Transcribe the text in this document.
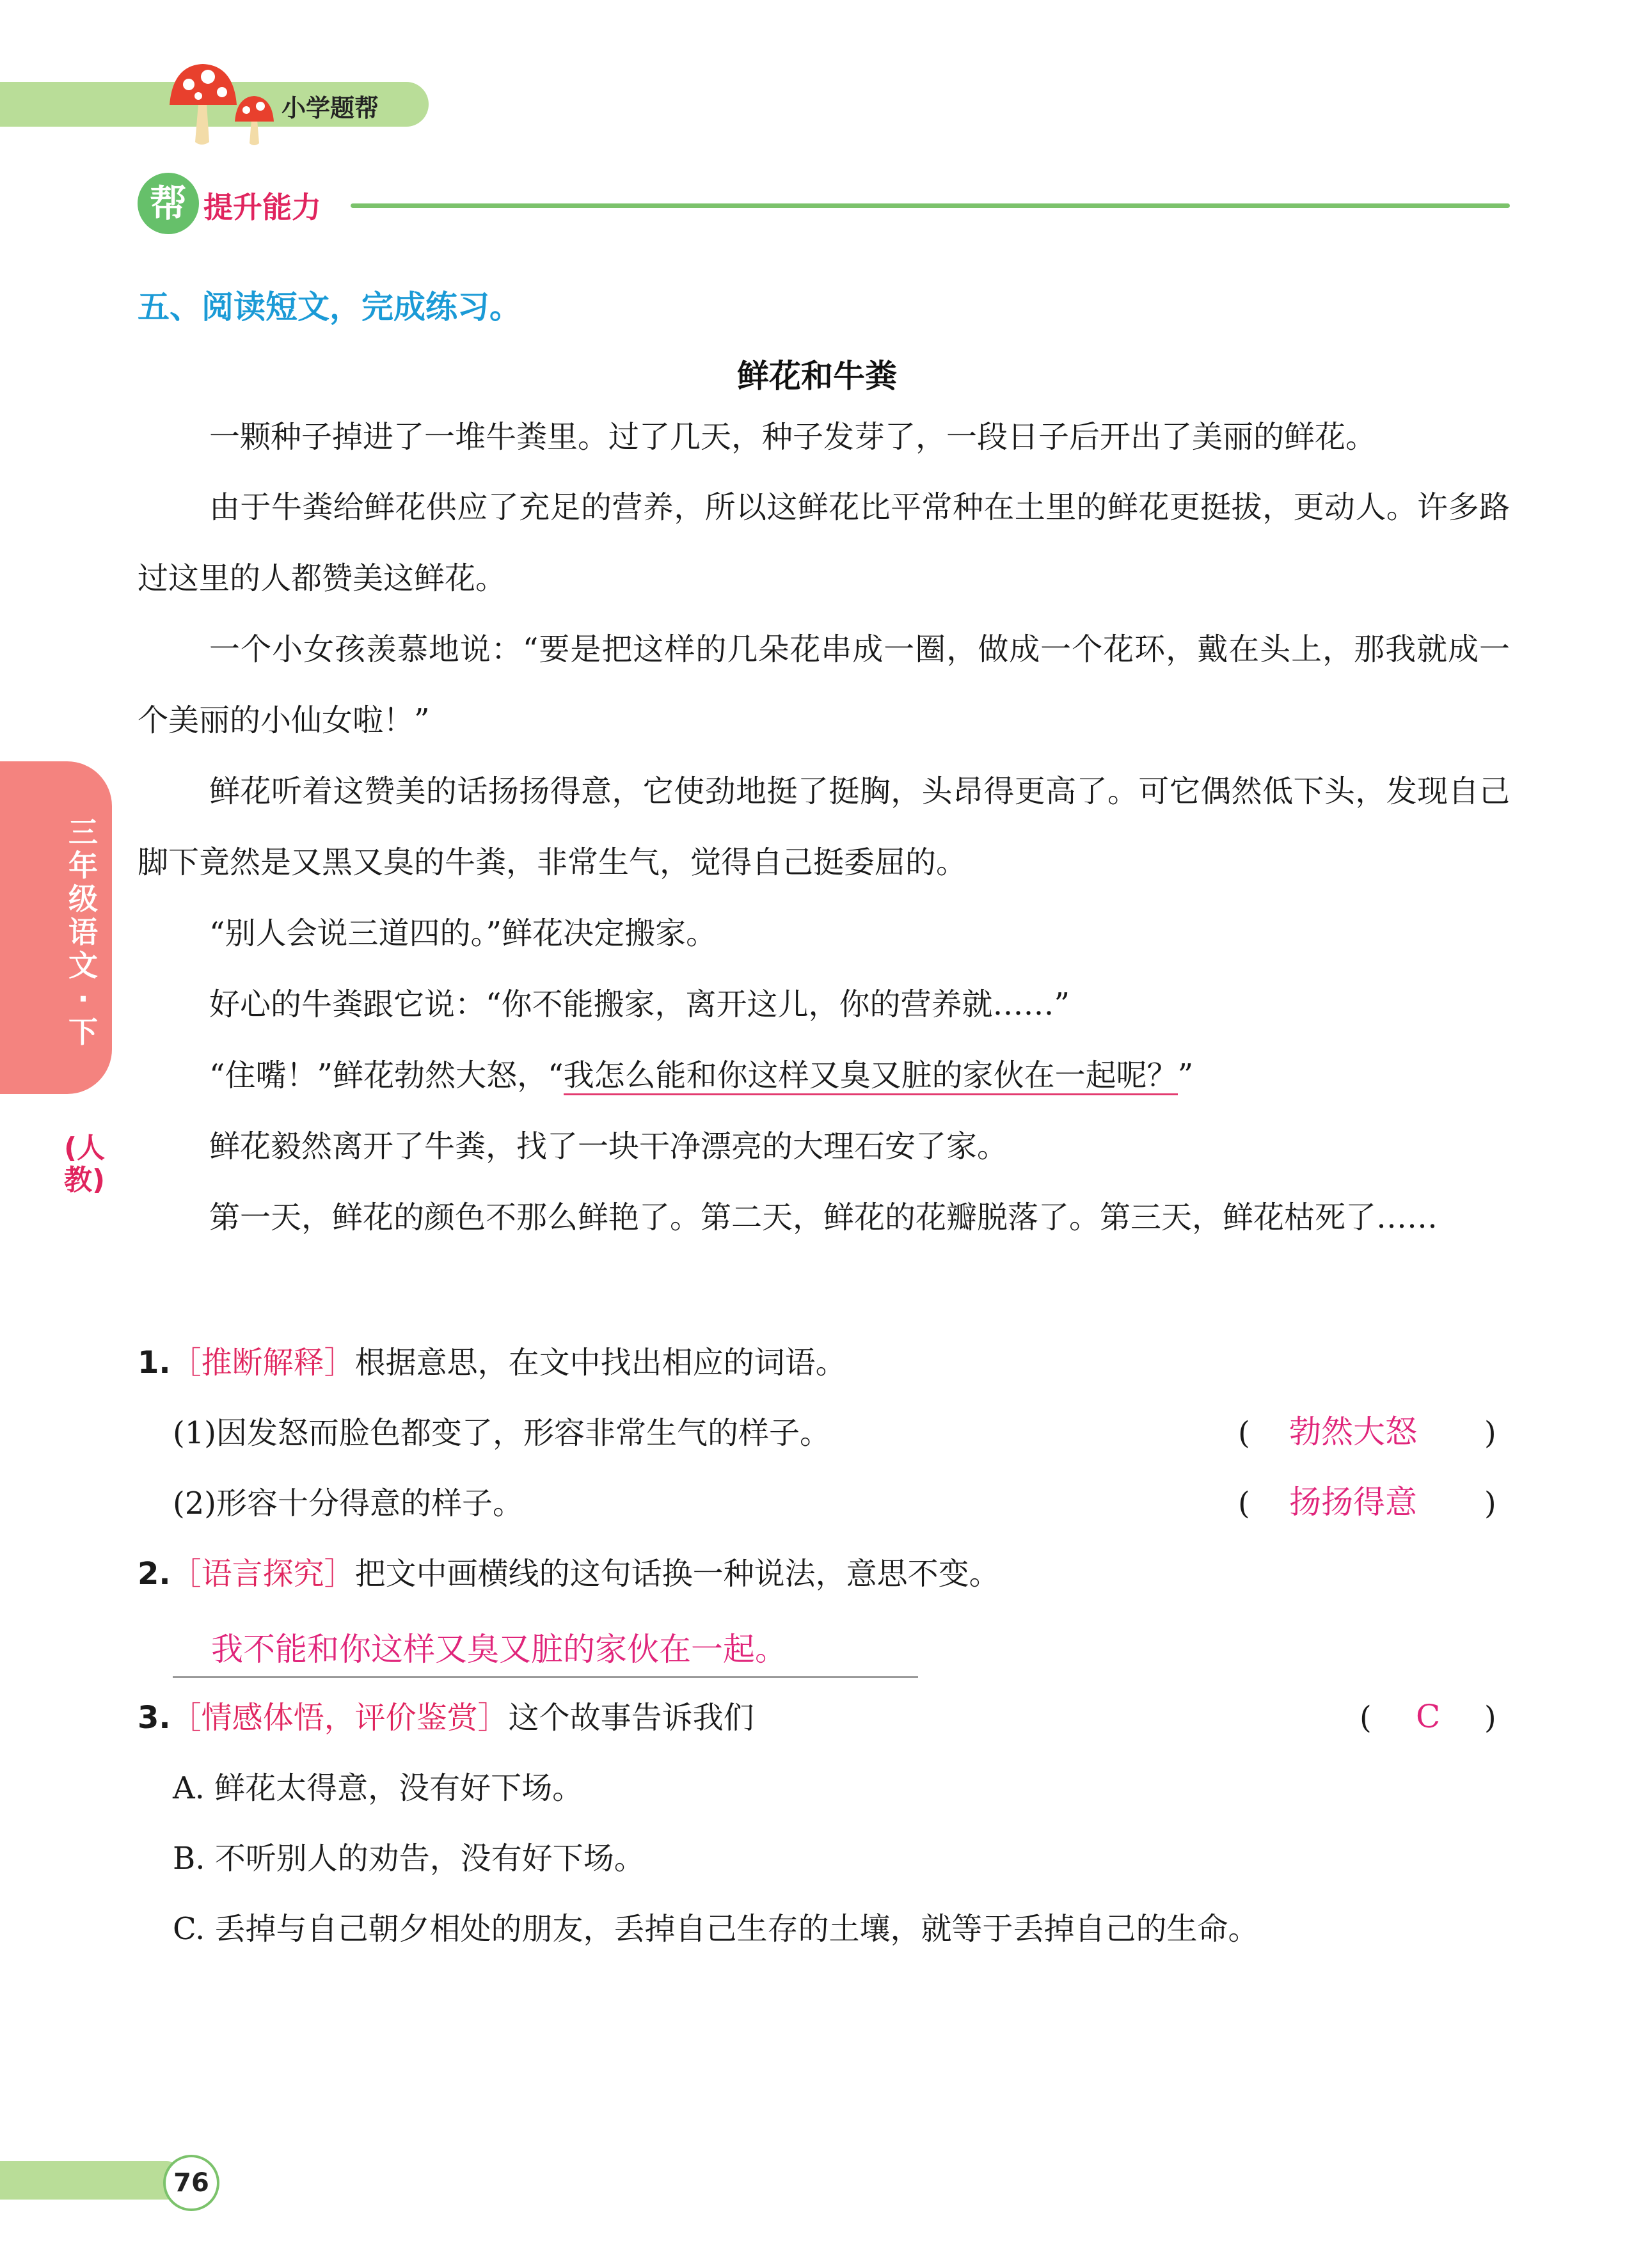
小学题帮
帮 提升能力
三年级语文·下
(人教)
五、阅读短文，完成练习。
鲜花和牛粪
一颗种子掉进了一堆牛粪里。过了几天，种子发芽了，一段日子后开出了美丽的鲜花。
由于牛粪给鲜花供应了充足的营养，所以这鲜花比平常种在土里的鲜花更挺拔，更动人。许多路过这里的人都赞美这鲜花。
一个小女孩羡慕地说：“要是把这样的几朵花串成一圈，做成一个花环，戴在头上，那我就成一个美丽的小仙女啦！”
鲜花听着这赞美的话扬扬得意，它使劲地挺了挺胸，头昂得更高了。可它偶然低下头，发现自己脚下竟然是又黑又臭的牛粪，非常生气，觉得自己挺委屈的。
“别人会说三道四的。”鲜花决定搬家。
好心的牛粪跟它说：“你不能搬家，离开这儿，你的营养就……”
“住嘴！”鲜花勃然大怒，“我怎么能和你这样又臭又脏的家伙在一起呢？”
鲜花毅然离开了牛粪，找了一块干净漂亮的大理石安了家。
第一天，鲜花的颜色不那么鲜艳了。第二天，鲜花的花瓣脱落了。第三天，鲜花枯死了……
1.［推断解释］根据意思，在文中找出相应的词语。
(1)因发怒而脸色都变了，形容非常生气的样子。	( 勃然大怒 )
(2)形容十分得意的样子。	( 扬扬得意 )
2.［语言探究］把文中画横线的这句话换一种说法，意思不变。
我不能和你这样又臭又脏的家伙在一起。
3.［情感体悟，评价鉴赏］这个故事告诉我们	( C )
A. 鲜花太得意，没有好下场。
B. 不听别人的劝告，没有好下场。
C. 丢掉与自己朝夕相处的朋友，丢掉自己生存的土壤，就等于丢掉自己的生命。
76
